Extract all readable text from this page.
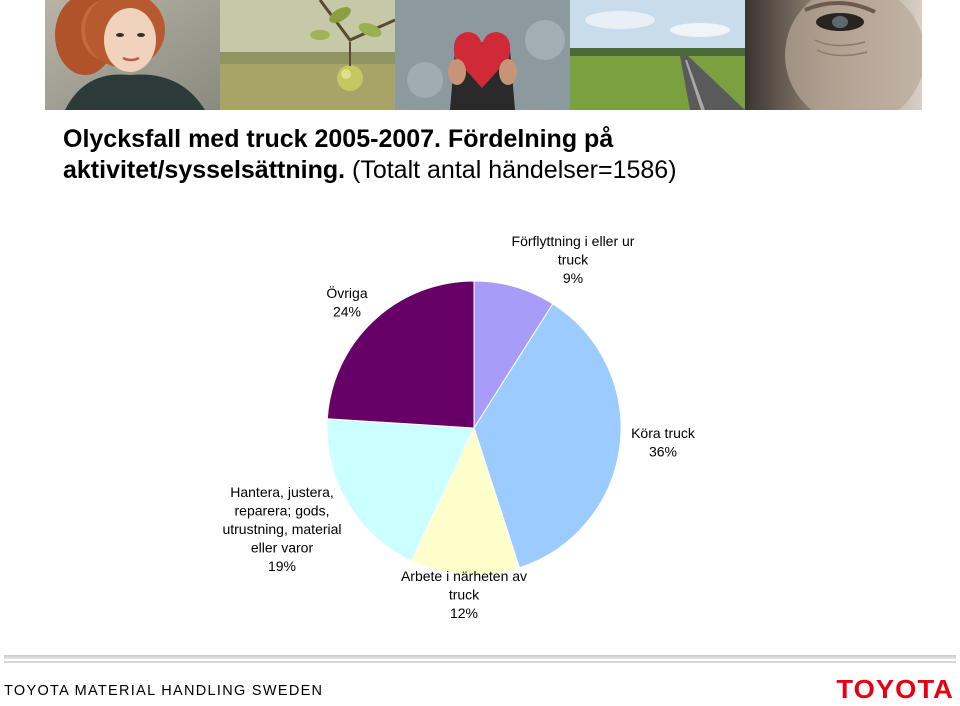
Olycksfall med truck 2005-2007. Fördelning på
aktivitet/sysselsättning. (Totalt antal händelser=1586)
Förflyttning i eller ur
truck
9%
Köra truck
36%
Arbete i närheten av
truck
12%
Hantera, justera,
reparera; gods,
utrustning, material
eller varor
19%
Övriga
24%
TOYOTA MATERIAL HANDLING SWEDEN	TOYOTA
